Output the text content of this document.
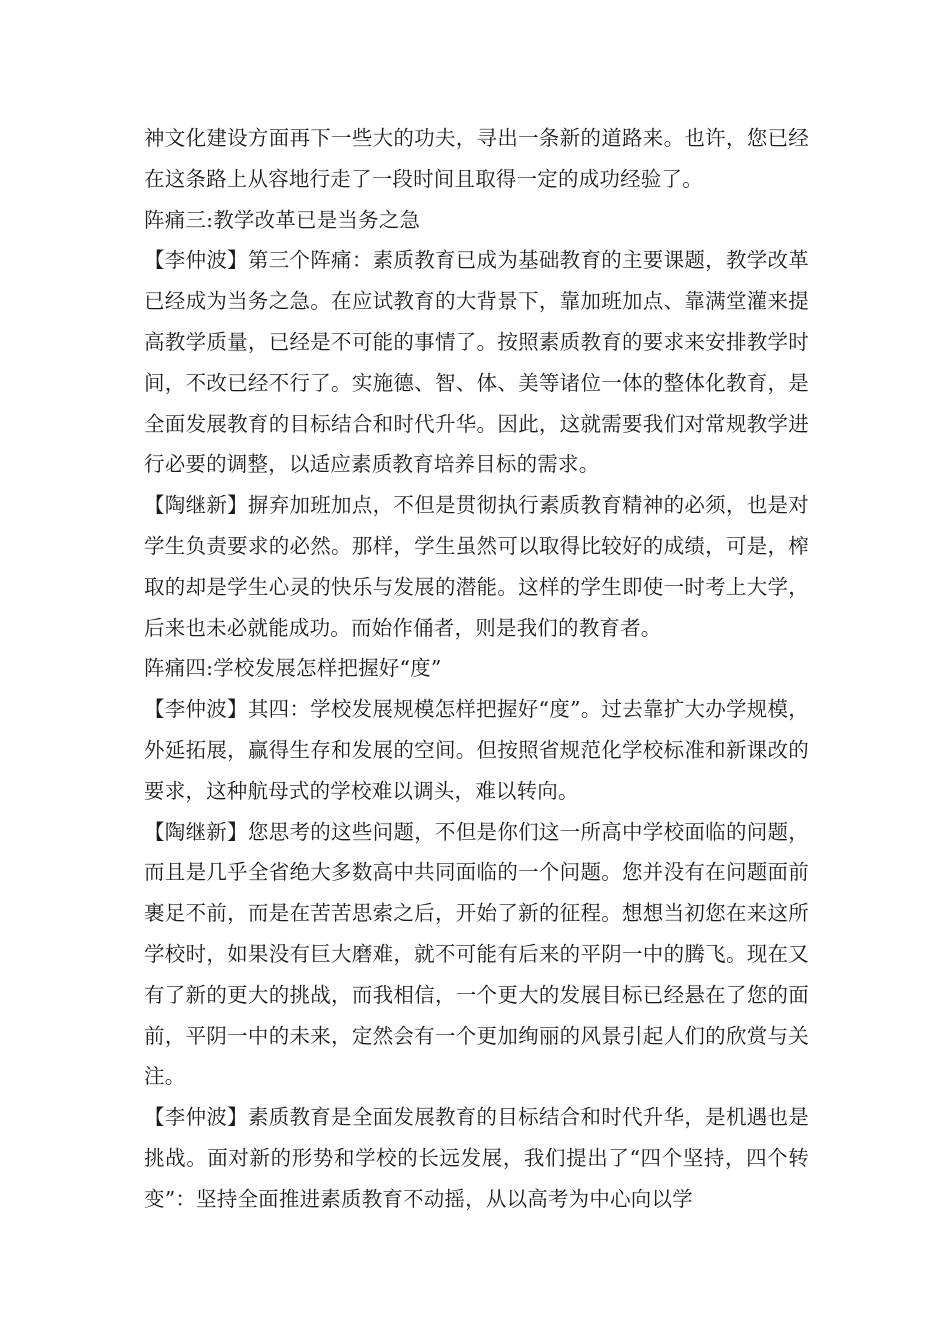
神文化建设方面再下一些大的功夫，寻出一条新的道路来。也许，您已经在这条路上从容地行走了一段时间且取得一定的成功经验了。

阵痛三:教学改革已是当务之急

【李仲波】第三个阵痛：素质教育已成为基础教育的主要课题，教学改革已经成为当务之急。在应试教育的大背景下，靠加班加点、靠满堂灌来提高教学质量，已经是不可能的事情了。按照素质教育的要求来安排教学时间，不改已经不行了。实施德、智、体、美等诸位一体的整体化教育，是全面发展教育的目标结合和时代升华。因此，这就需要我们对常规教学进行必要的调整，以适应素质教育培养目标的需求。

【陶继新】摒弃加班加点，不但是贯彻执行素质教育精神的必须，也是对学生负责要求的必然。那样，学生虽然可以取得比较好的成绩，可是，榨取的却是学生心灵的快乐与发展的潜能。这样的学生即使一时考上大学，后来也未必就能成功。而始作俑者，则是我们的教育者。

阵痛四:学校发展怎样把握好“度”

【李仲波】其四：学校发展规模怎样把握好“度”。过去靠扩大办学规模，外延拓展，赢得生存和发展的空间。但按照省规范化学校标准和新课改的要求，这种航母式的学校难以调头，难以转向。

【陶继新】您思考的这些问题，不但是你们这一所高中学校面临的问题，而且是几乎全省绝大多数高中共同面临的一个问题。您并没有在问题面前裹足不前，而是在苦苦思索之后，开始了新的征程。想想当初您在来这所学校时，如果没有巨大磨难，就不可能有后来的平阴一中的腾飞。现在又有了新的更大的挑战，而我相信，一个更大的发展目标已经悬在了您的面前，平阴一中的未来，定然会有一个更加绚丽的风景引起人们的欣赏与关注。

【李仲波】素质教育是全面发展教育的目标结合和时代升华，是机遇也是挑战。面对新的形势和学校的长远发展，我们提出了“四个坚持，四个转变”：坚持全面推进素质教育不动摇，从以高考为中心向以学
